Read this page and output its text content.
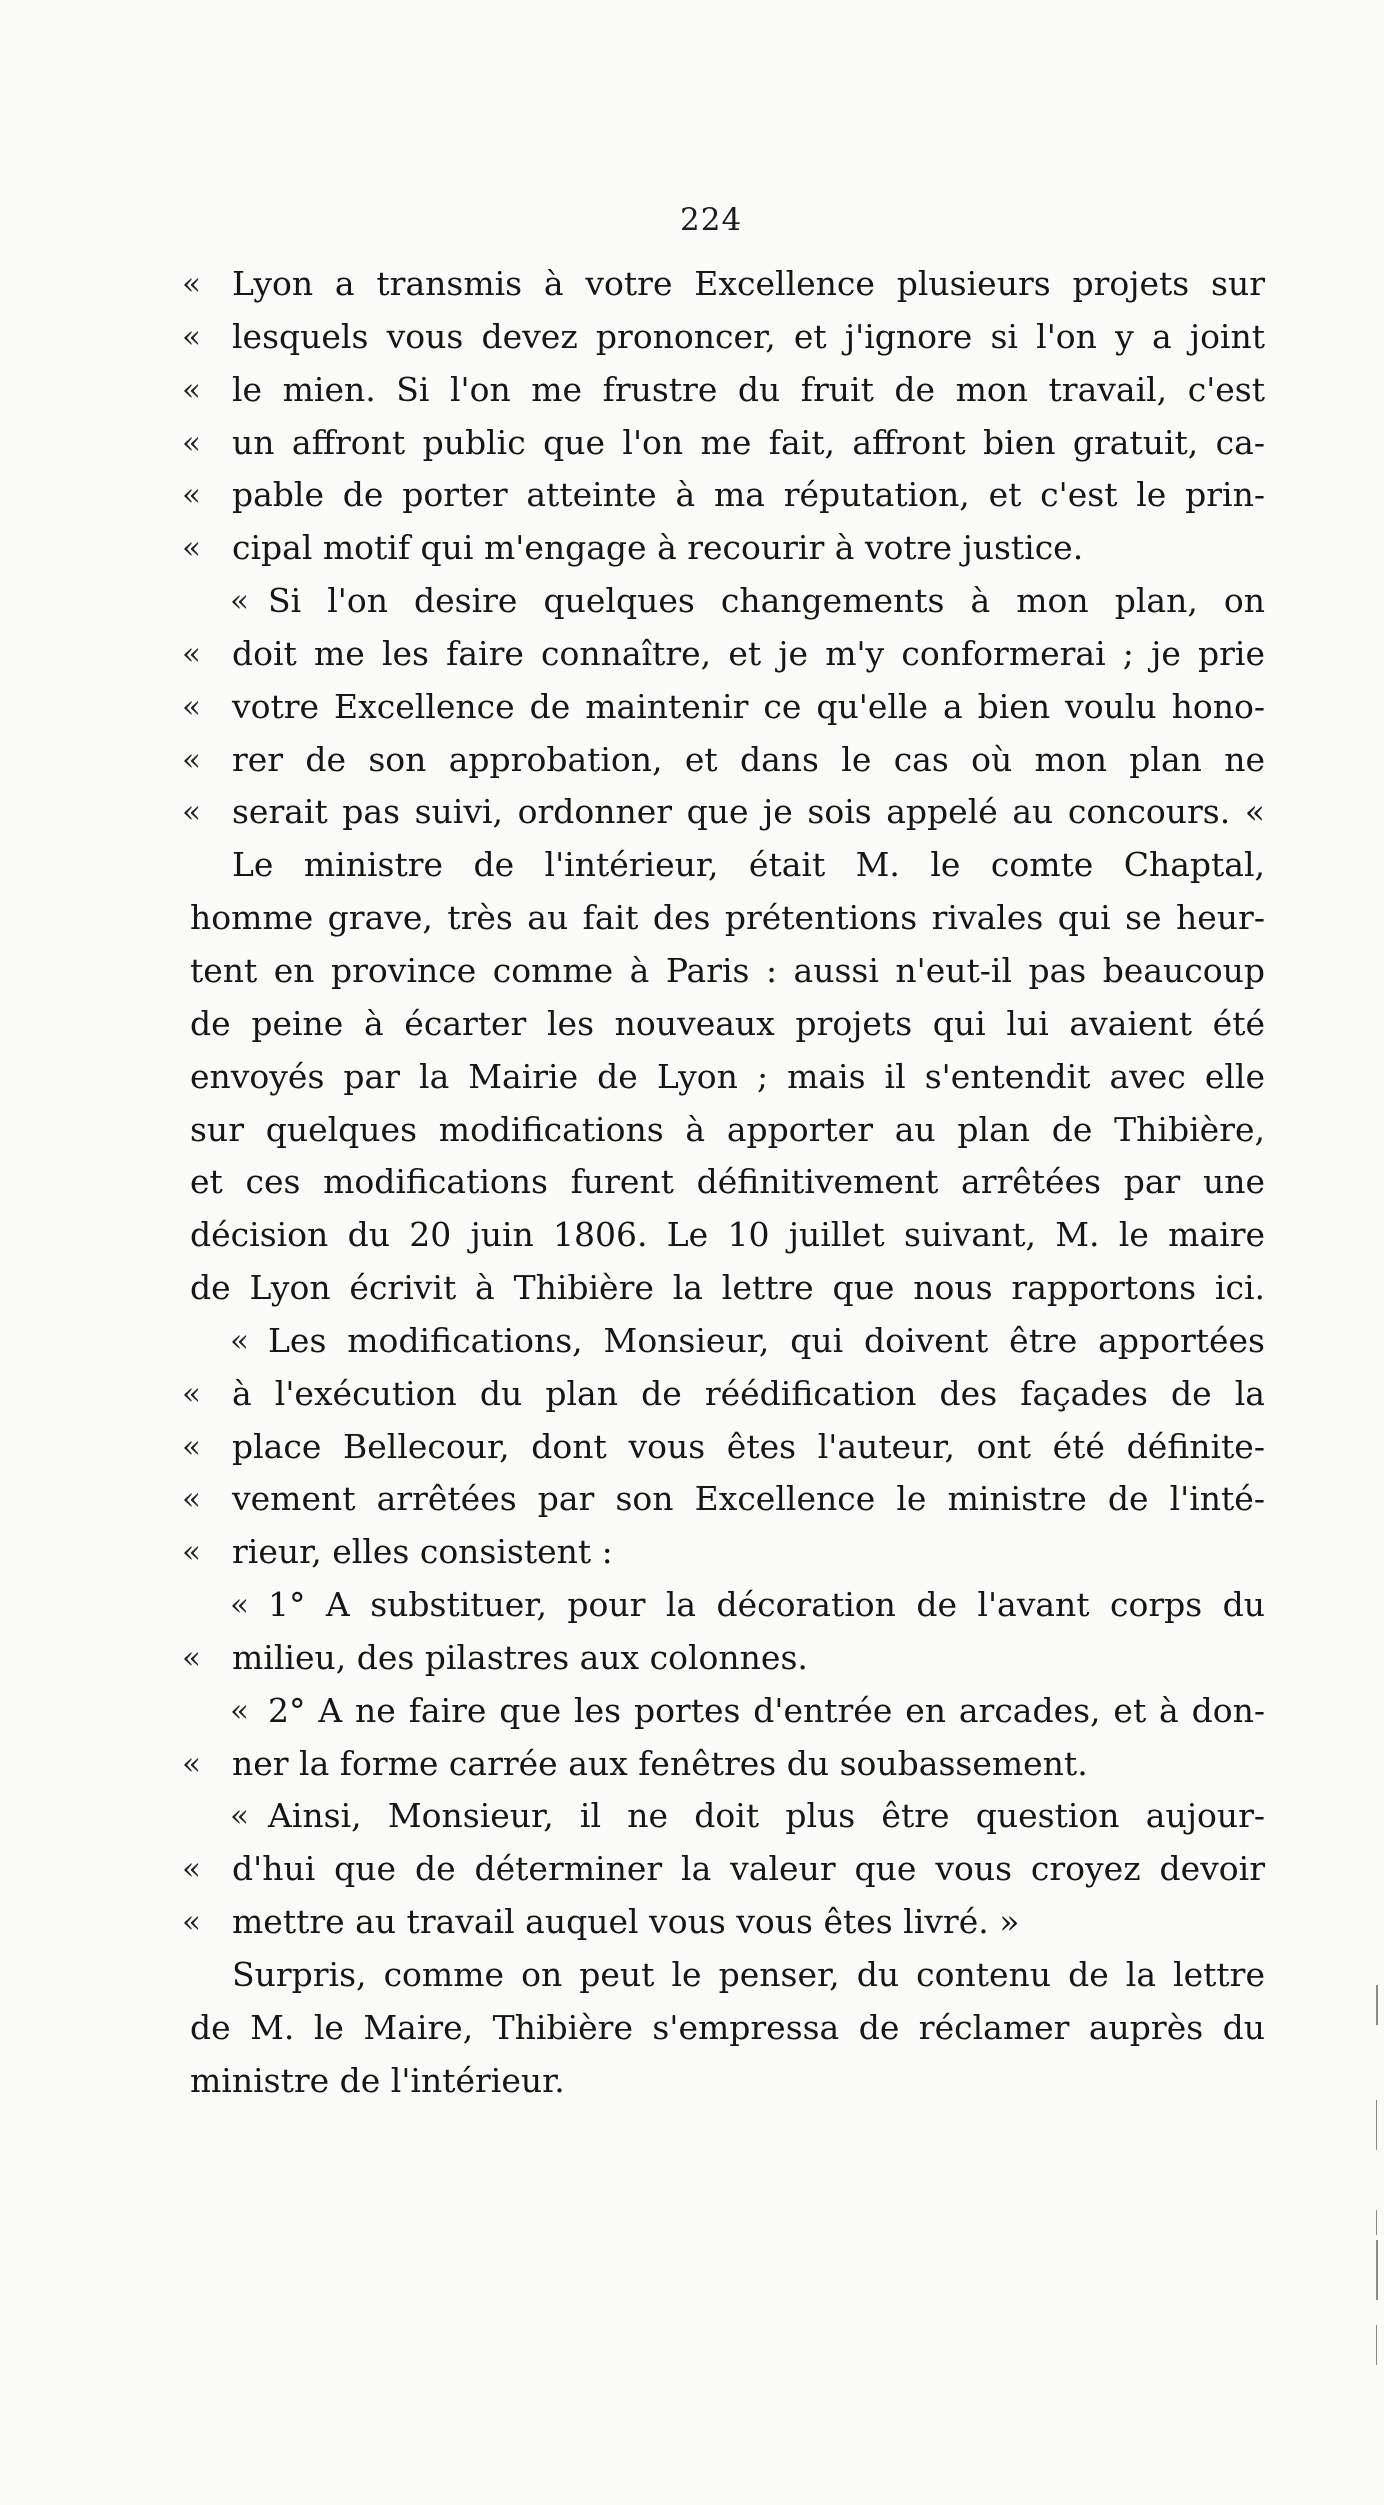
224
« Lyon a transmis à votre Excellence plusieurs projets sur
« lesquels vous devez prononcer, et j'ignore si l'on y a joint
« le mien. Si l'on me frustre du fruit de mon travail, c'est
« un affront public que l'on me fait, affront bien gratuit, ca-
« pable de porter atteinte à ma réputation, et c'est le prin-
« cipal motif qui m'engage à recourir à votre justice.
« Si l'on desire quelques changements à mon plan, on
« doit me les faire connaître, et je m'y conformerai ; je prie
« votre Excellence de maintenir ce qu'elle a bien voulu hono-
« rer de son approbation, et dans le cas où mon plan ne
« serait pas suivi, ordonner que je sois appelé au concours. «
Le ministre de l'intérieur, était M. le comte Chaptal,
homme grave, très au fait des prétentions rivales qui se heur-
tent en province comme à Paris : aussi n'eut-il pas beaucoup
de peine à écarter les nouveaux projets qui lui avaient été
envoyés par la Mairie de Lyon ; mais il s'entendit avec elle
sur quelques modifications à apporter au plan de Thibière,
et ces modifications furent définitivement arrêtées par une
décision du 20 juin 1806. Le 10 juillet suivant, M. le maire
de Lyon écrivit à Thibière la lettre que nous rapportons ici.
« Les modifications, Monsieur, qui doivent être apportées
« à l'exécution du plan de réédification des façades de la
« place Bellecour, dont vous êtes l'auteur, ont été définite-
« vement arrêtées par son Excellence le ministre de l'inté-
« rieur, elles consistent :
« 1° A substituer, pour la décoration de l'avant corps du
« milieu, des pilastres aux colonnes.
« 2° A ne faire que les portes d'entrée en arcades, et à don-
« ner la forme carrée aux fenêtres du soubassement.
« Ainsi, Monsieur, il ne doit plus être question aujour-
« d'hui que de déterminer la valeur que vous croyez devoir
« mettre au travail auquel vous vous êtes livré. »
Surpris, comme on peut le penser, du contenu de la lettre
de M. le Maire, Thibière s'empressa de réclamer auprès du
ministre de l'intérieur.
